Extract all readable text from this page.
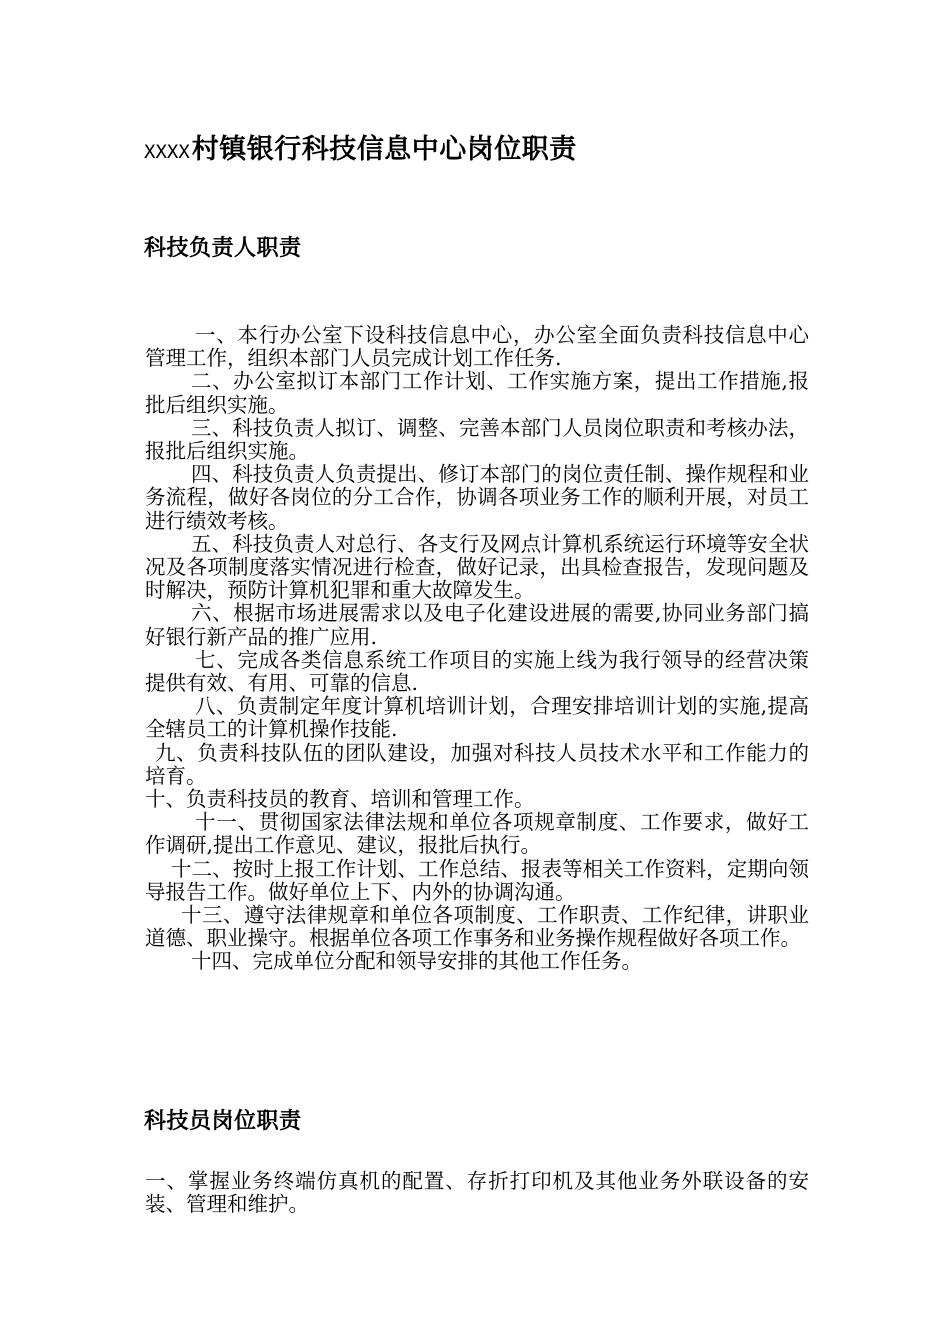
XXXX村镇银行科技信息中心岗位职责
科技负责人职责

一、本行办公室下设科技信息中心，办公室全面负责科技信息中心管理工作，组织本部门人员完成计划工作任务.

二、办公室拟订本部门工作计划、工作实施方案，提出工作措施,报批后组织实施。

三、科技负责人拟订、调整、完善本部门人员岗位职责和考核办法，报批后组织实施。

四、科技负责人负责提出、修订本部门的岗位责任制、操作规程和业务流程，做好各岗位的分工合作，协调各项业务工作的顺利开展，对员工进行绩效考核。

五、科技负责人对总行、各支行及网点计算机系统运行环境等安全状况及各项制度落实情况进行检查，做好记录，出具检查报告，发现问题及时解决，预防计算机犯罪和重大故障发生。

六、根据市场进展需求以及电子化建设进展的需要,协同业务部门搞好银行新产品的推广应用.

七、完成各类信息系统工作项目的实施上线为我行领导的经营决策提供有效、有用、可靠的信息.

八、负责制定年度计算机培训计划，合理安排培训计划的实施,提高全辖员工的计算机操作技能.

九、负责科技队伍的团队建设，加强对科技人员技术水平和工作能力的培育。

十、负责科技员的教育、培训和管理工作。

十一、贯彻国家法律法规和单位各项规章制度、工作要求，做好工作调研,提出工作意见、建议，报批后执行。

十二、按时上报工作计划、工作总结、报表等相关工作资料，定期向领导报告工作。做好单位上下、内外的协调沟通。

十三、遵守法律规章和单位各项制度、工作职责、工作纪律，讲职业道德、职业操守。根据单位各项工作事务和业务操作规程做好各项工作。

十四、完成单位分配和领导安排的其他工作任务。

科技员岗位职责

一、掌握业务终端仿真机的配置、存折打印机及其他业务外联设备的安装、管理和维护。
